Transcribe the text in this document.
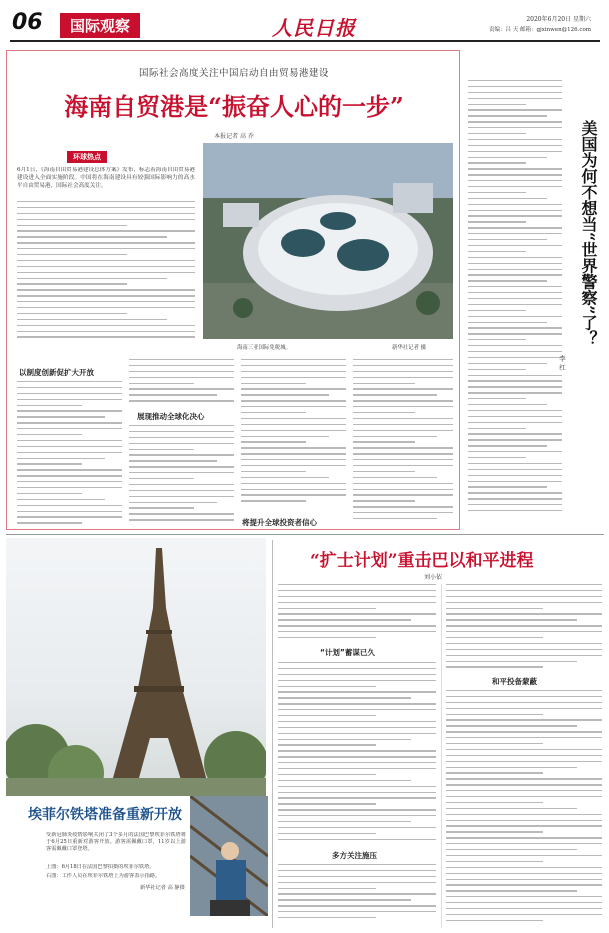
06	国际观察	人民日报	2020年6月20日 星期六
责编：吕 天 邮箱：gjxinwen@126.com
国际社会高度关注中国启动自由贸易港建设
海南自贸港是“振奋人心的一步”
本报记者 高 乔
环球热点
6月1日，《海南自由贸易港建设总体方案》发布，标志着海南自由贸易港建设进入全面实施阶段。中国将在海南建设具有较强国际影响力的高水平自由贸易港，国际社会高度关注。
海南三亚国际免税城。	新华社记者 摄
以制度创新促扩大开放
展现推动全球化决心
将提升全球投资者信心
美国为何不想当“世界警察”了？
李 红
埃菲尔铁塔准备重新开放
受新冠肺炎疫情影响关闭了3个多月的法国巴黎埃菲尔铁塔将于6月25日重新对游客开放。游客需佩戴口罩，11岁以上游客需佩戴口罩登塔。
上图：6月18日在法国巴黎拍摄的埃菲尔铁塔。
右图：工作人员在埃菲尔铁塔上为游客表示指路。
新华社记者 高 静摄
“扩士计划”重击巴以和平进程
刘小依
“计划”蓄谋已久
多方关注施压
和平投备蒙蔽
